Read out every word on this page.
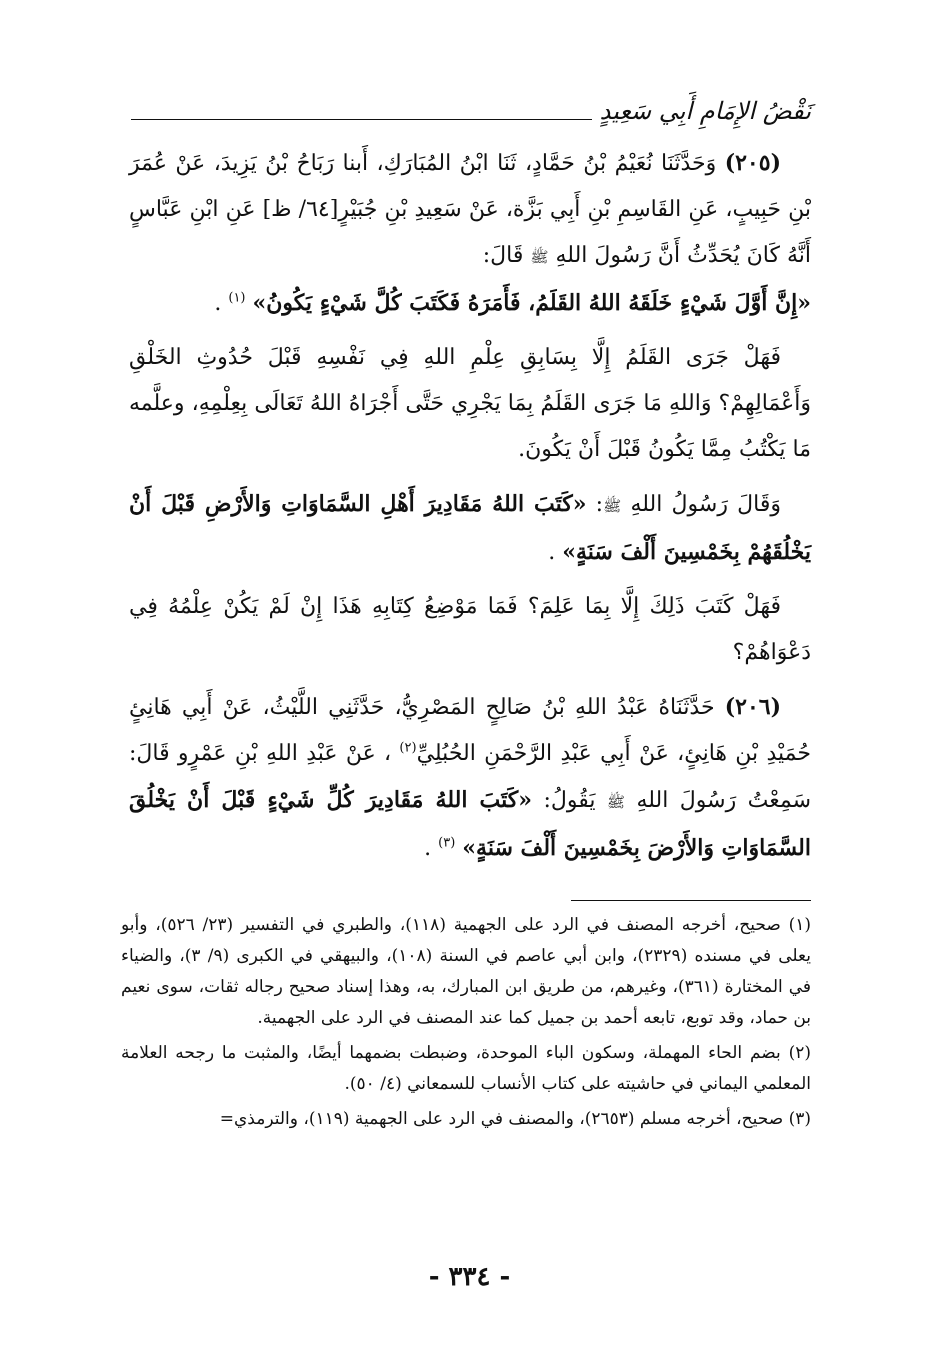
نَقْضُ الإِمَامِ أَبِي سَعِيدٍ

(٢٠٥) وَحَدَّثَنَا نُعَيْمُ بْنُ حَمَّادٍ، ثَنَا ابْنُ المُبَارَكِ، أَبنا رَبَاحُ بْنُ يَزِيدَ، عَنْ عُمَرَ بْنِ حَبِيبٍ، عَنِ القَاسِمِ بْنِ أَبِي بَزَّة، عَنْ سَعِيدِ بْنِ جُبَيْرٍ[٦٤/ ظ] عَنِ ابْنِ عَبَّاسٍ أَنَّهُ كَانَ يُحَدِّثُ أَنَّ رَسُولَ اللهِ ﷺ قَالَ:
«إِنَّ أَوَّلَ شَيْءٍ خَلَقَهُ اللهُ القَلَمُ، فَأَمَرَهُ فَكَتَبَ كُلَّ شَيْءٍ يَكُونُ» $^{(١)}$ .

فَهَلْ جَرَى القَلَمُ إِلَّا بِسَابِقِ عِلْمِ اللهِ فِي نَفْسِهِ قَبْلَ حُدُوثِ الخَلْقِ وَأَعْمَالِهِمْ؟ وَاللهِ مَا جَرَى القَلَمُ بِمَا يَجْرِي حَتَّى أَجْرَاهُ اللهُ تَعَالَى بِعِلْمِهِ، وعلَّمه مَا يَكْتُبُ مِمَّا يَكُونُ قَبْلَ أَنْ يَكُونَ.

وَقَالَ رَسُولُ اللهِ ﷺ: «كَتَبَ اللهُ مَقَادِيرَ أَهْلِ السَّمَاوَاتِ وَالأَرْضِ قَبْلَ أَنْ يَخْلُقَهُمْ بِخَمْسِينَ أَلْفَ سَنَةٍ» .

فَهَلْ كَتَبَ ذَلِكَ إِلَّا بِمَا عَلِمَ؟ فَمَا مَوْضِعُ كِتَابِهِ هَذَا إِنْ لَمْ يَكُنْ عِلْمُهُ فِي دَعْوَاهُمْ؟

(٢٠٦) حَدَّثَنَاهُ عَبْدُ اللهِ بْنُ صَالِحٍ المَصْرِيُّ، حَدَّثَنِي اللَّيْثُ، عَنْ أَبِي هَانِئٍ حُمَيْدِ بْنِ هَانِئٍ، عَنْ أَبِي عَبْدِ الرَّحْمَنِ الحُبُلِيِّ$^{(٢)}$ ، عَنْ عَبْدِ اللهِ بْنِ عَمْرٍو قَالَ: سَمِعْتُ رَسُولَ اللهِ ﷺ يَقُولُ: «كَتَبَ اللهُ مَقَادِيرَ كُلِّ شَيْءٍ قَبْلَ أَنْ يَخْلُقَ السَّمَاوَاتِ وَالأَرْضَ بِخَمْسِينَ أَلْفَ سَنَةٍ» $^{(٣)}$ .

(١) صحيح، أخرجه المصنف في الرد على الجهمية (١١٨)، والطبري في التفسير (٢٣/ ٥٢٦)، وأبو يعلى في مسنده (٢٣٢٩)، وابن أبي عاصم في السنة (١٠٨)، والبيهقي في الكبرى (٩/ ٣)، والضياء في المختارة (٣٦١)، وغيرهم، من طريق ابن المبارك، به، وهذا إسناد صحيح رجاله ثقات، سوى نعيم بن حماد، وقد توبع، تابعه أحمد بن جميل كما عند المصنف في الرد على الجهمية.

(٢) بضم الحاء المهملة، وسكون الباء الموحدة، وضبطت بضمهما أيضًا، والمثبت ما رجحه العلامة المعلمي اليماني في حاشيته على كتاب الأنساب للسمعاني (٤/ ٥٠).

(٣) صحيح، أخرجه مسلم (٢٦٥٣)، والمصنف في الرد على الجهمية (١١٩)، والترمذي=

- ٣٣٤ -
